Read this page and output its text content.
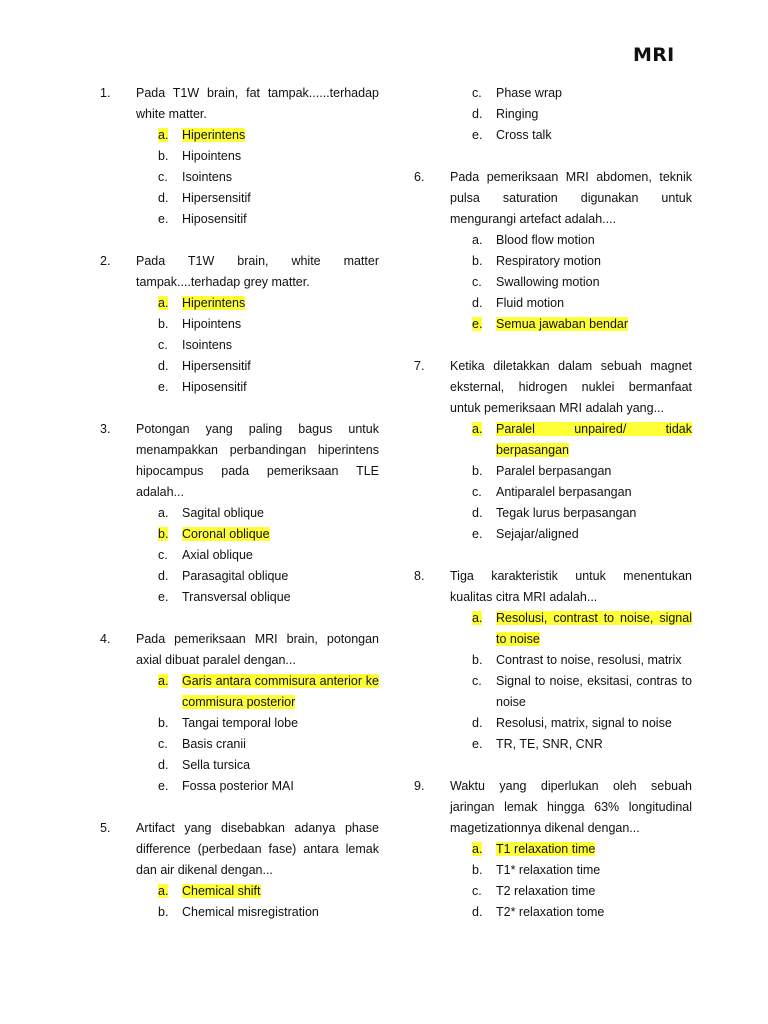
MRI
1. Pada T1W brain, fat tampak......terhadap white matter.
a. Hiperintens
b. Hipointens
c. Isointens
d. Hipersensitif
e. Hiposensitif
2. Pada T1W brain, white matter tampak....terhadap grey matter.
a. Hiperintens
b. Hipointens
c. Isointens
d. Hipersensitif
e. Hiposensitif
3. Potongan yang paling bagus untuk menampakkan perbandingan hiperintens hipocampus pada pemeriksaan TLE adalah...
a. Sagital oblique
b. Coronal oblique
c. Axial oblique
d. Parasagital oblique
e. Transversal oblique
4. Pada pemeriksaan MRI brain, potongan axial dibuat paralel dengan...
a. Garis antara commisura anterior ke commisura posterior
b. Tangai temporal lobe
c. Basis cranii
d. Sella tursica
e. Fossa posterior MAI
5. Artifact yang disebabkan adanya phase difference (perbedaan fase) antara lemak dan air dikenal dengan...
a. Chemical shift
b. Chemical misregistration
c. Phase wrap
d. Ringing
e. Cross talk
6. Pada pemeriksaan MRI abdomen, teknik pulsa saturation digunakan untuk mengurangi artefact adalah....
a. Blood flow motion
b. Respiratory motion
c. Swallowing motion
d. Fluid motion
e. Semua jawaban bendar
7. Ketika diletakkan dalam sebuah magnet eksternal, hidrogen nuklei bermanfaat untuk pemeriksaan MRI adalah yang...
a. Paralel unpaired/ tidak berpasangan
b. Paralel berpasangan
c. Antiparalel berpasangan
d. Tegak lurus berpasangan
e. Sejajar/aligned
8. Tiga karakteristik untuk menentukan kualitas citra MRI adalah...
a. Resolusi, contrast to noise, signal to noise
b. Contrast to noise, resolusi, matrix
c. Signal to noise, eksitasi, contras to noise
d. Resolusi, matrix, signal to noise
e. TR, TE, SNR, CNR
9. Waktu yang diperlukan oleh sebuah jaringan lemak hingga 63% longitudinal magetizationnya dikenal dengan...
a. T1 relaxation time
b. T1* relaxation time
c. T2 relaxation time
d. T2* relaxation tome
